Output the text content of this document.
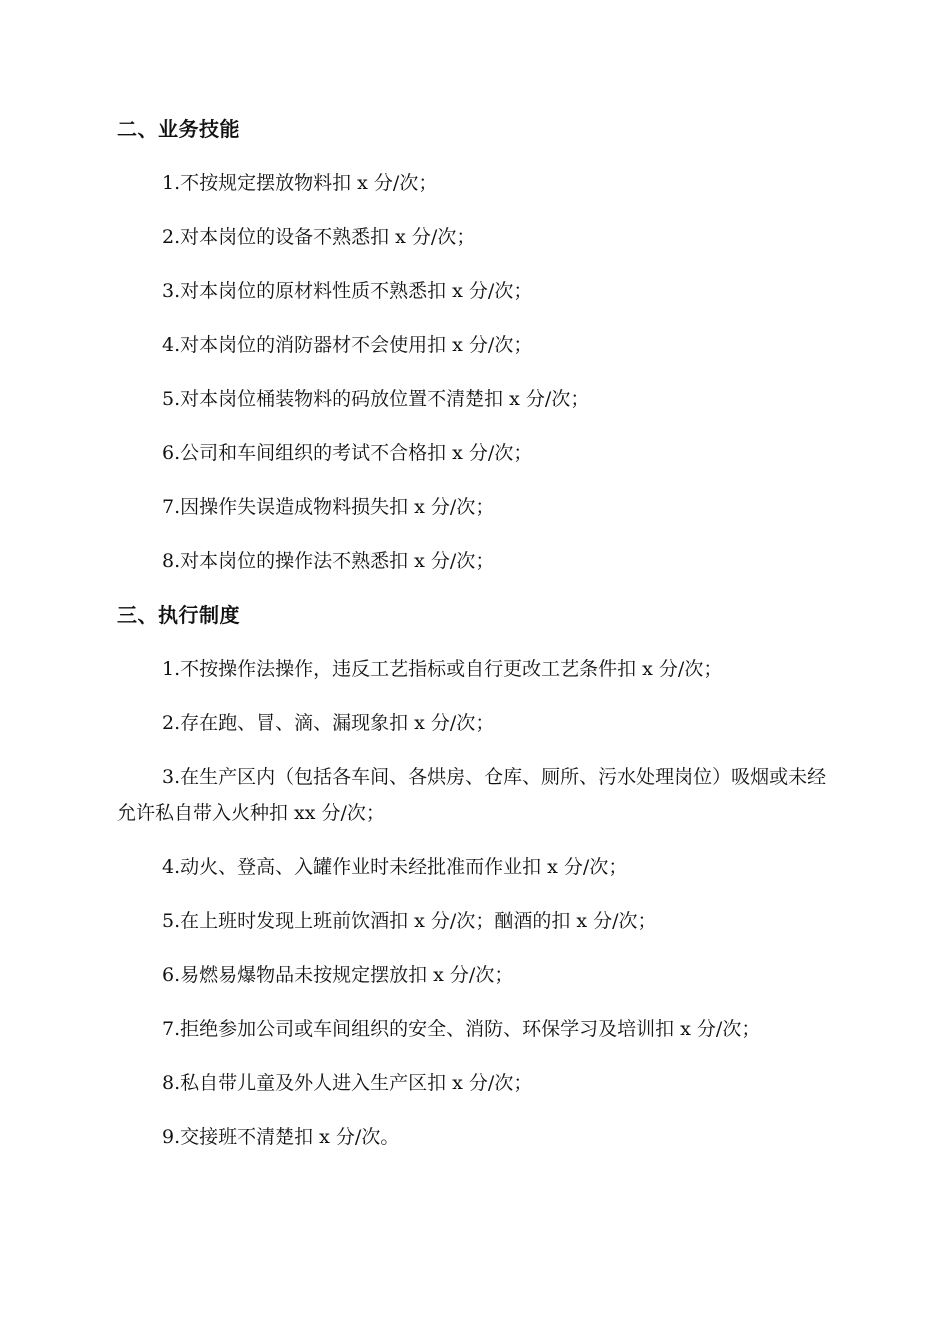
二、业务技能
1.不按规定摆放物料扣 x 分/次；
2.对本岗位的设备不熟悉扣 x 分/次；
3.对本岗位的原材料性质不熟悉扣 x 分/次；
4.对本岗位的消防器材不会使用扣 x 分/次；
5.对本岗位桶装物料的码放位置不清楚扣 x 分/次；
6.公司和车间组织的考试不合格扣 x 分/次；
7.因操作失误造成物料损失扣 x 分/次；
8.对本岗位的操作法不熟悉扣 x 分/次；
三、执行制度
1.不按操作法操作，违反工艺指标或自行更改工艺条件扣 x 分/次；
2.存在跑、冒、滴、漏现象扣 x 分/次；
3.在生产区内（包括各车间、各烘房、仓库、厕所、污水处理岗位）吸烟或未经允许私自带入火种扣 xx 分/次；
4.动火、登高、入罐作业时未经批准而作业扣 x 分/次；
5.在上班时发现上班前饮酒扣 x 分/次；酗酒的扣 x 分/次；
6.易燃易爆物品未按规定摆放扣 x 分/次；
7.拒绝参加公司或车间组织的安全、消防、环保学习及培训扣 x 分/次；
8.私自带儿童及外人进入生产区扣 x 分/次；
9.交接班不清楚扣 x 分/次。
